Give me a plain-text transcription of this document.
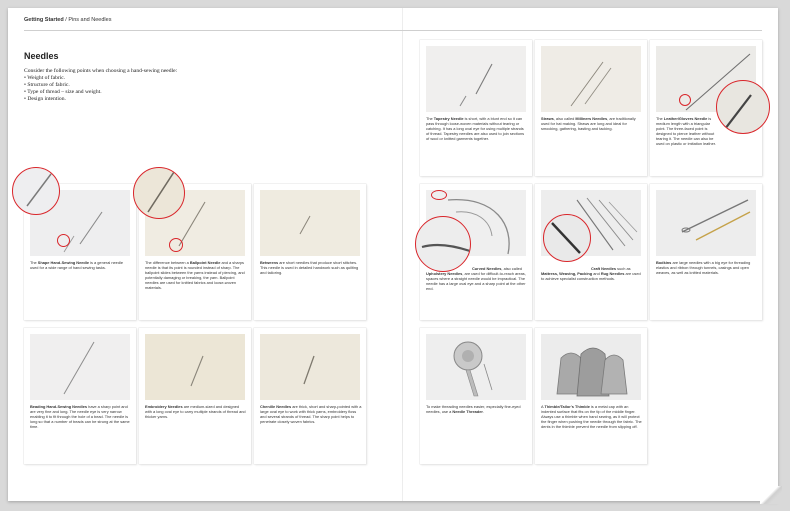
Getting Started / Pins and Needles
Needles

Consider the following points when choosing a hand-sewing needle:

• Weight of fabric.
• Structure of fabric.
• Type of thread – size and weight.
• Design intention.
The Shape Hand-Sewing Needle is a general needle used for a wide range of hand sewing tasks.
The difference between a Ballpoint Needle and a sharps needle is that its point is rounded instead of sharp. The ballpoint slides between the yarns instead of piercing, and potentially damaging or breaking, the yarn. Ballpoint needles are used for knitted fabrics and loose-woven materials.
Betweens are short needles that produce short stitches. This needle is used in detailed handwork such as quilting and tailoring.
Beading Hand-Sewing Needles have a sharp point and are very fine and long. The needle eye is very narrow enabling it to fit through the hole of a bead. The needle is long so that a number of beads can be strung at the same time.
Embroidery Needles are medium-sized and designed with a long oval eye to carry multiple strands of thread and thicker yarns.
Chenille Needles are thick, short and sharp-pointed with a large oval eye to work with thick yarns, embroidery floss and several strands of thread. The sharp point helps to penetrate closely woven fabrics.
The Tapestry Needle is short, with a blunt end so it can pass through loose-woven materials without tearing or catching. It has a long oval eye for using multiple strands of thread. Tapestry needles are also used to join sections of wool or knitted garments together.
Straws, also called Milliners Needles, are traditionally used for hat making. Straws are long and ideal for smocking, gathering, basting and tacking.
The Leather/Glovers Needle is medium length with a triangular point. The three-faced point is designed to pierce leather without tearing it. The needle can also be used on plastic or imitation leather.
Curved Needles, also called Upholstery Needles, are used for difficult-to-reach areas, spaces where a straight needle would be impractical. The needle has a large oval eye and a sharp point at the other end.
Craft Needles such as Mattress, Weaving, Packing and Rug Needles are used to achieve specialist construction methods.
Bodkins are large needles with a big eye for threading elastics and ribbon through tunnels, casings and open weaves, as well as knitted materials.
To make threading needles easier, especially fine-eyed needles, use a Needle Threader.
A Thimble/Tailor's Thimble is a metal cap with an indented surface that fits on the tip of the middle finger. Always use a thimble when hand sewing, as it will protect the finger when pushing the needle through the fabric. The dents in the thimble prevent the needle from slipping off.
